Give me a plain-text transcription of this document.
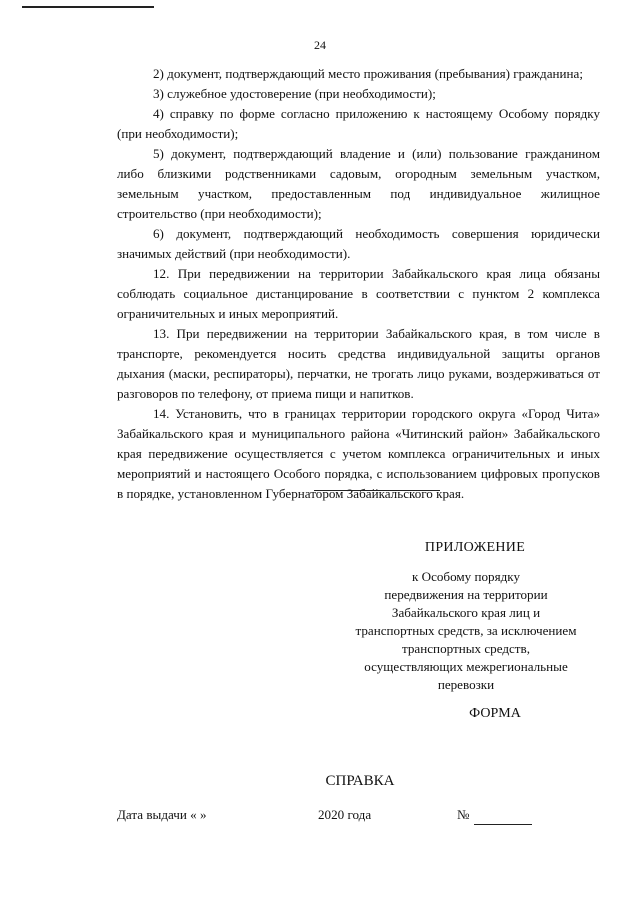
24

2) документ, подтверждающий место проживания (пребывания) гражданина;

3) служебное удостоверение (при необходимости);

4) справку по форме согласно приложению к настоящему Особому порядку (при необходимости);

5) документ, подтверждающий владение и (или) пользование гражданином либо близкими родственниками садовым, огородным земельным участком, земельным участком, предоставленным под индивидуальное жилищное строительство (при необходимости);

6) документ, подтверждающий необходимость совершения юридически значимых действий (при необходимости).

12. При передвижении на территории Забайкальского края лица обязаны соблюдать социальное дистанцирование в соответствии с пунктом 2 комплекса ограничительных и иных мероприятий.

13. При передвижении на территории Забайкальского края, в том числе в транспорте, рекомендуется носить средства индивидуальной защиты органов дыхания (маски, респираторы), перчатки, не трогать лицо руками, воздерживаться от разговоров по телефону, от приема пищи и напитков.

14. Установить, что в границах территории городского округа «Город Чита» Забайкальского края и муниципального района «Читинский район» Забайкальского края передвижение осуществляется с учетом комплекса ограничительных и иных мероприятий и настоящего Особого порядка, с использованием цифровых пропусков в порядке, установленном Губернатором Забайкальского края.

ПРИЛОЖЕНИЕ
к Особому порядку
передвижения на территории
Забайкальского края лиц и
транспортных средств, за исключением
транспортных средств,
осуществляющих межрегиональные
перевозки
ФОРМА
СПРАВКА
Дата выдачи « »	2020 года	№
